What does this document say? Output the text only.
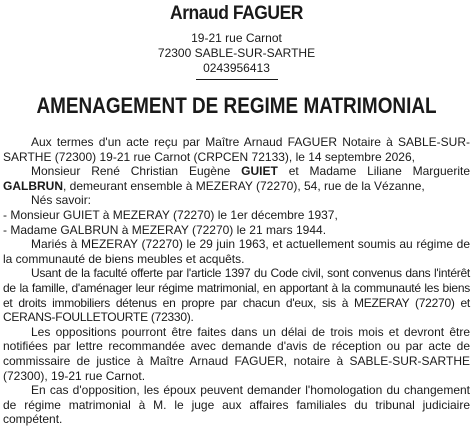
Arnaud FAGUER
19-21 rue Carnot
72300 SABLE-SUR-SARTHE
0243956413
AMENAGEMENT DE REGIME MATRIMONIAL

Aux termes d'un acte reçu par Maître Arnaud FAGUER Notaire à SABLE-SUR-SARTHE (72300) 19-21 rue Carnot (CRPCEN 72133), le 14 septembre 2026,

Monsieur René Christian Eugène GUIET et Madame Liliane Marguerite GALBRUN, demeurant ensemble à MEZERAY (72270), 54, rue de la Vézanne,

Nés savoir:

- Monsieur GUIET à MEZERAY (72270) le 1er décembre 1937,

- Madame GALBRUN à MEZERAY (72270) le 21 mars 1944.

Mariés à MEZERAY (72270) le 29 juin 1963, et actuellement soumis au régime de la communauté de biens meubles et acquêts.

Usant de la faculté offerte par l'article 1397 du Code civil, sont convenus dans l'intérêt de la famille, d'aménager leur régime matrimonial, en apportant à la communauté les biens et droits immobiliers détenus en propre par chacun d'eux, sis à MEZERAY (72270) et CERANS-FOULLETOURTE (72330).

Les oppositions pourront être faites dans un délai de trois mois et devront être notifiées par lettre recommandée avec demande d'avis de réception ou par acte de commissaire de justice à Maître Arnaud FAGUER, notaire à SABLE-SUR-SARTHE (72300), 19-21 rue Carnot.

En cas d'opposition, les époux peuvent demander l'homologation du changement de régime matrimonial à M. le juge aux affaires familiales du tribunal judiciaire compétent.
